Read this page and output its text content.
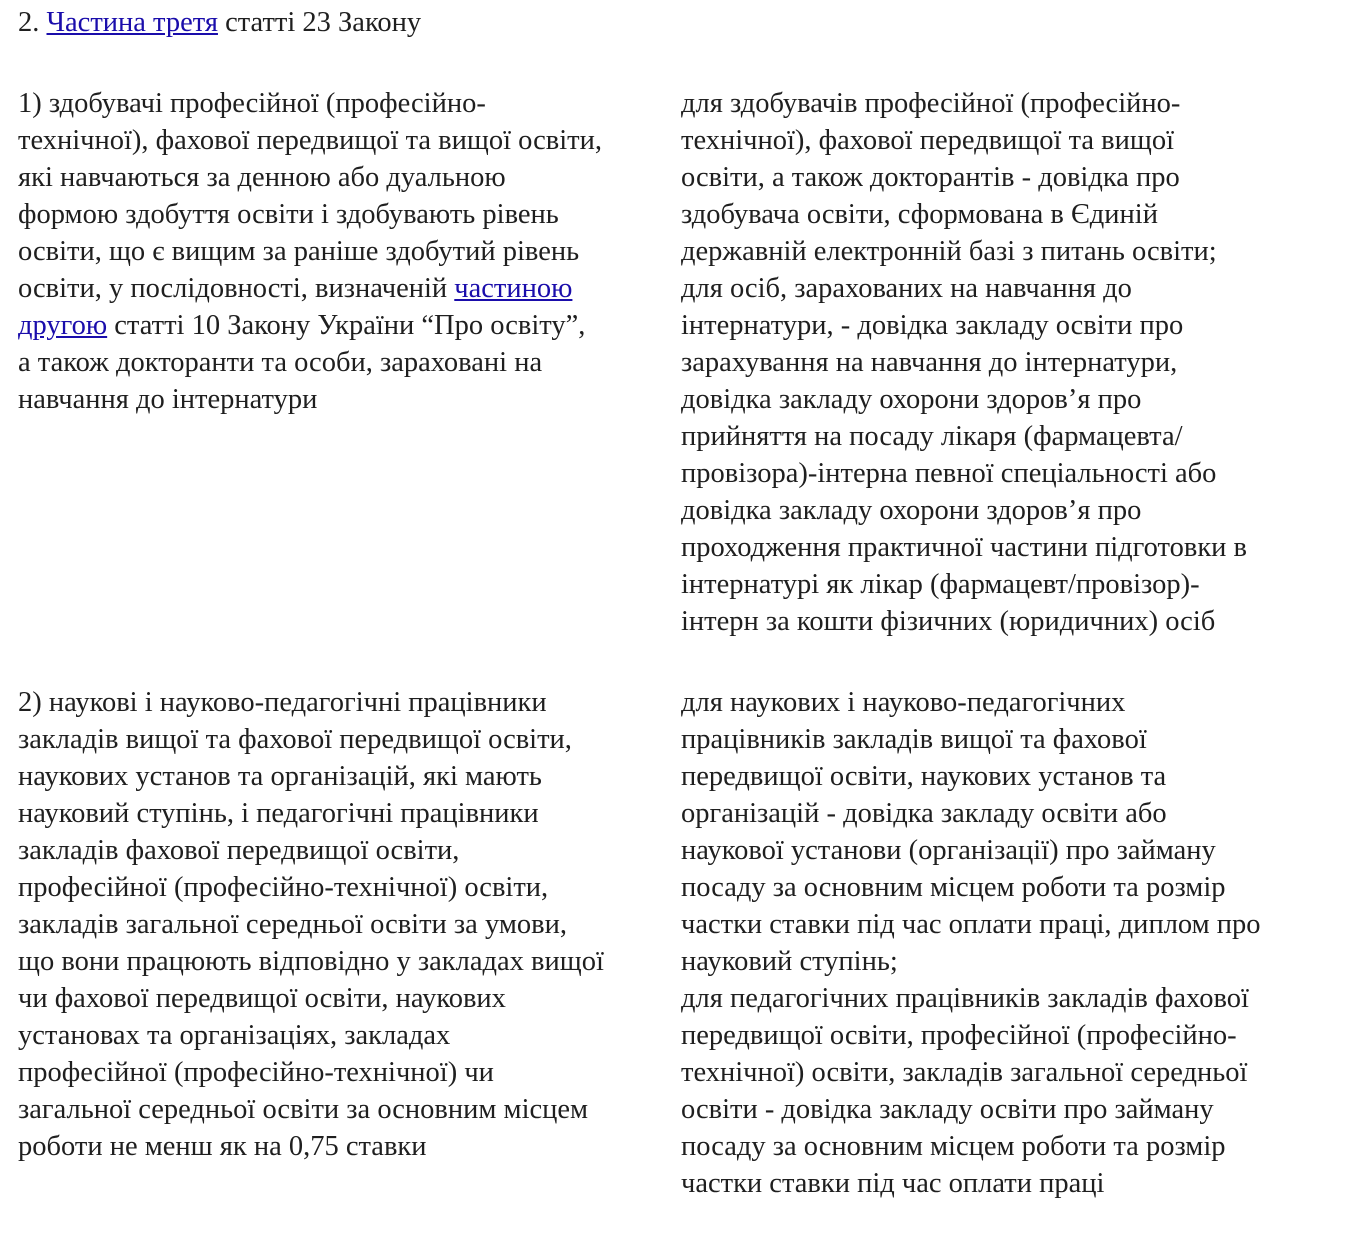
2. Частина третя статті 23 Закону
1) здобувачі професійної (професійно-
технічної), фахової передвищої та вищої освіти,
які навчаються за денною або дуальною
формою здобуття освіти і здобувають рівень
освіти, що є вищим за раніше здобутий рівень
освіти, у послідовності, визначеній частиною
другою статті 10 Закону України “Про освіту”,
а також докторанти та особи, зараховані на
навчання до інтернатури
для здобувачів професійної (професійно-
технічної), фахової передвищої та вищої
освіти, а також докторантів - довідка про
здобувача освіти, сформована в Єдиній
державній електронній базі з питань освіти;
для осіб, зарахованих на навчання до
інтернатури, - довідка закладу освіти про
зарахування на навчання до інтернатури,
довідка закладу охорони здоров’я про
прийняття на посаду лікаря (фармацевта/
провізора)-інтерна певної спеціальності або
довідка закладу охорони здоров’я про
проходження практичної частини підготовки в
інтернатурі як лікар (фармацевт/провізор)-
інтерн за кошти фізичних (юридичних) осіб
2) наукові і науково-педагогічні працівники
закладів вищої та фахової передвищої освіти,
наукових установ та організацій, які мають
науковий ступінь, і педагогічні працівники
закладів фахової передвищої освіти,
професійної (професійно-технічної) освіти,
закладів загальної середньої освіти за умови,
що вони працюють відповідно у закладах вищої
чи фахової передвищої освіти, наукових
установах та організаціях, закладах
професійної (професійно-технічної) чи
загальної середньої освіти за основним місцем
роботи не менш як на 0,75 ставки
для наукових і науково-педагогічних
працівників закладів вищої та фахової
передвищої освіти, наукових установ та
організацій - довідка закладу освіти або
наукової установи (організації) про займану
посаду за основним місцем роботи та розмір
частки ставки під час оплати праці, диплом про
науковий ступінь;
для педагогічних працівників закладів фахової
передвищої освіти, професійної (професійно-
технічної) освіти, закладів загальної середньої
освіти - довідка закладу освіти про займану
посаду за основним місцем роботи та розмір
частки ставки під час оплати праці
